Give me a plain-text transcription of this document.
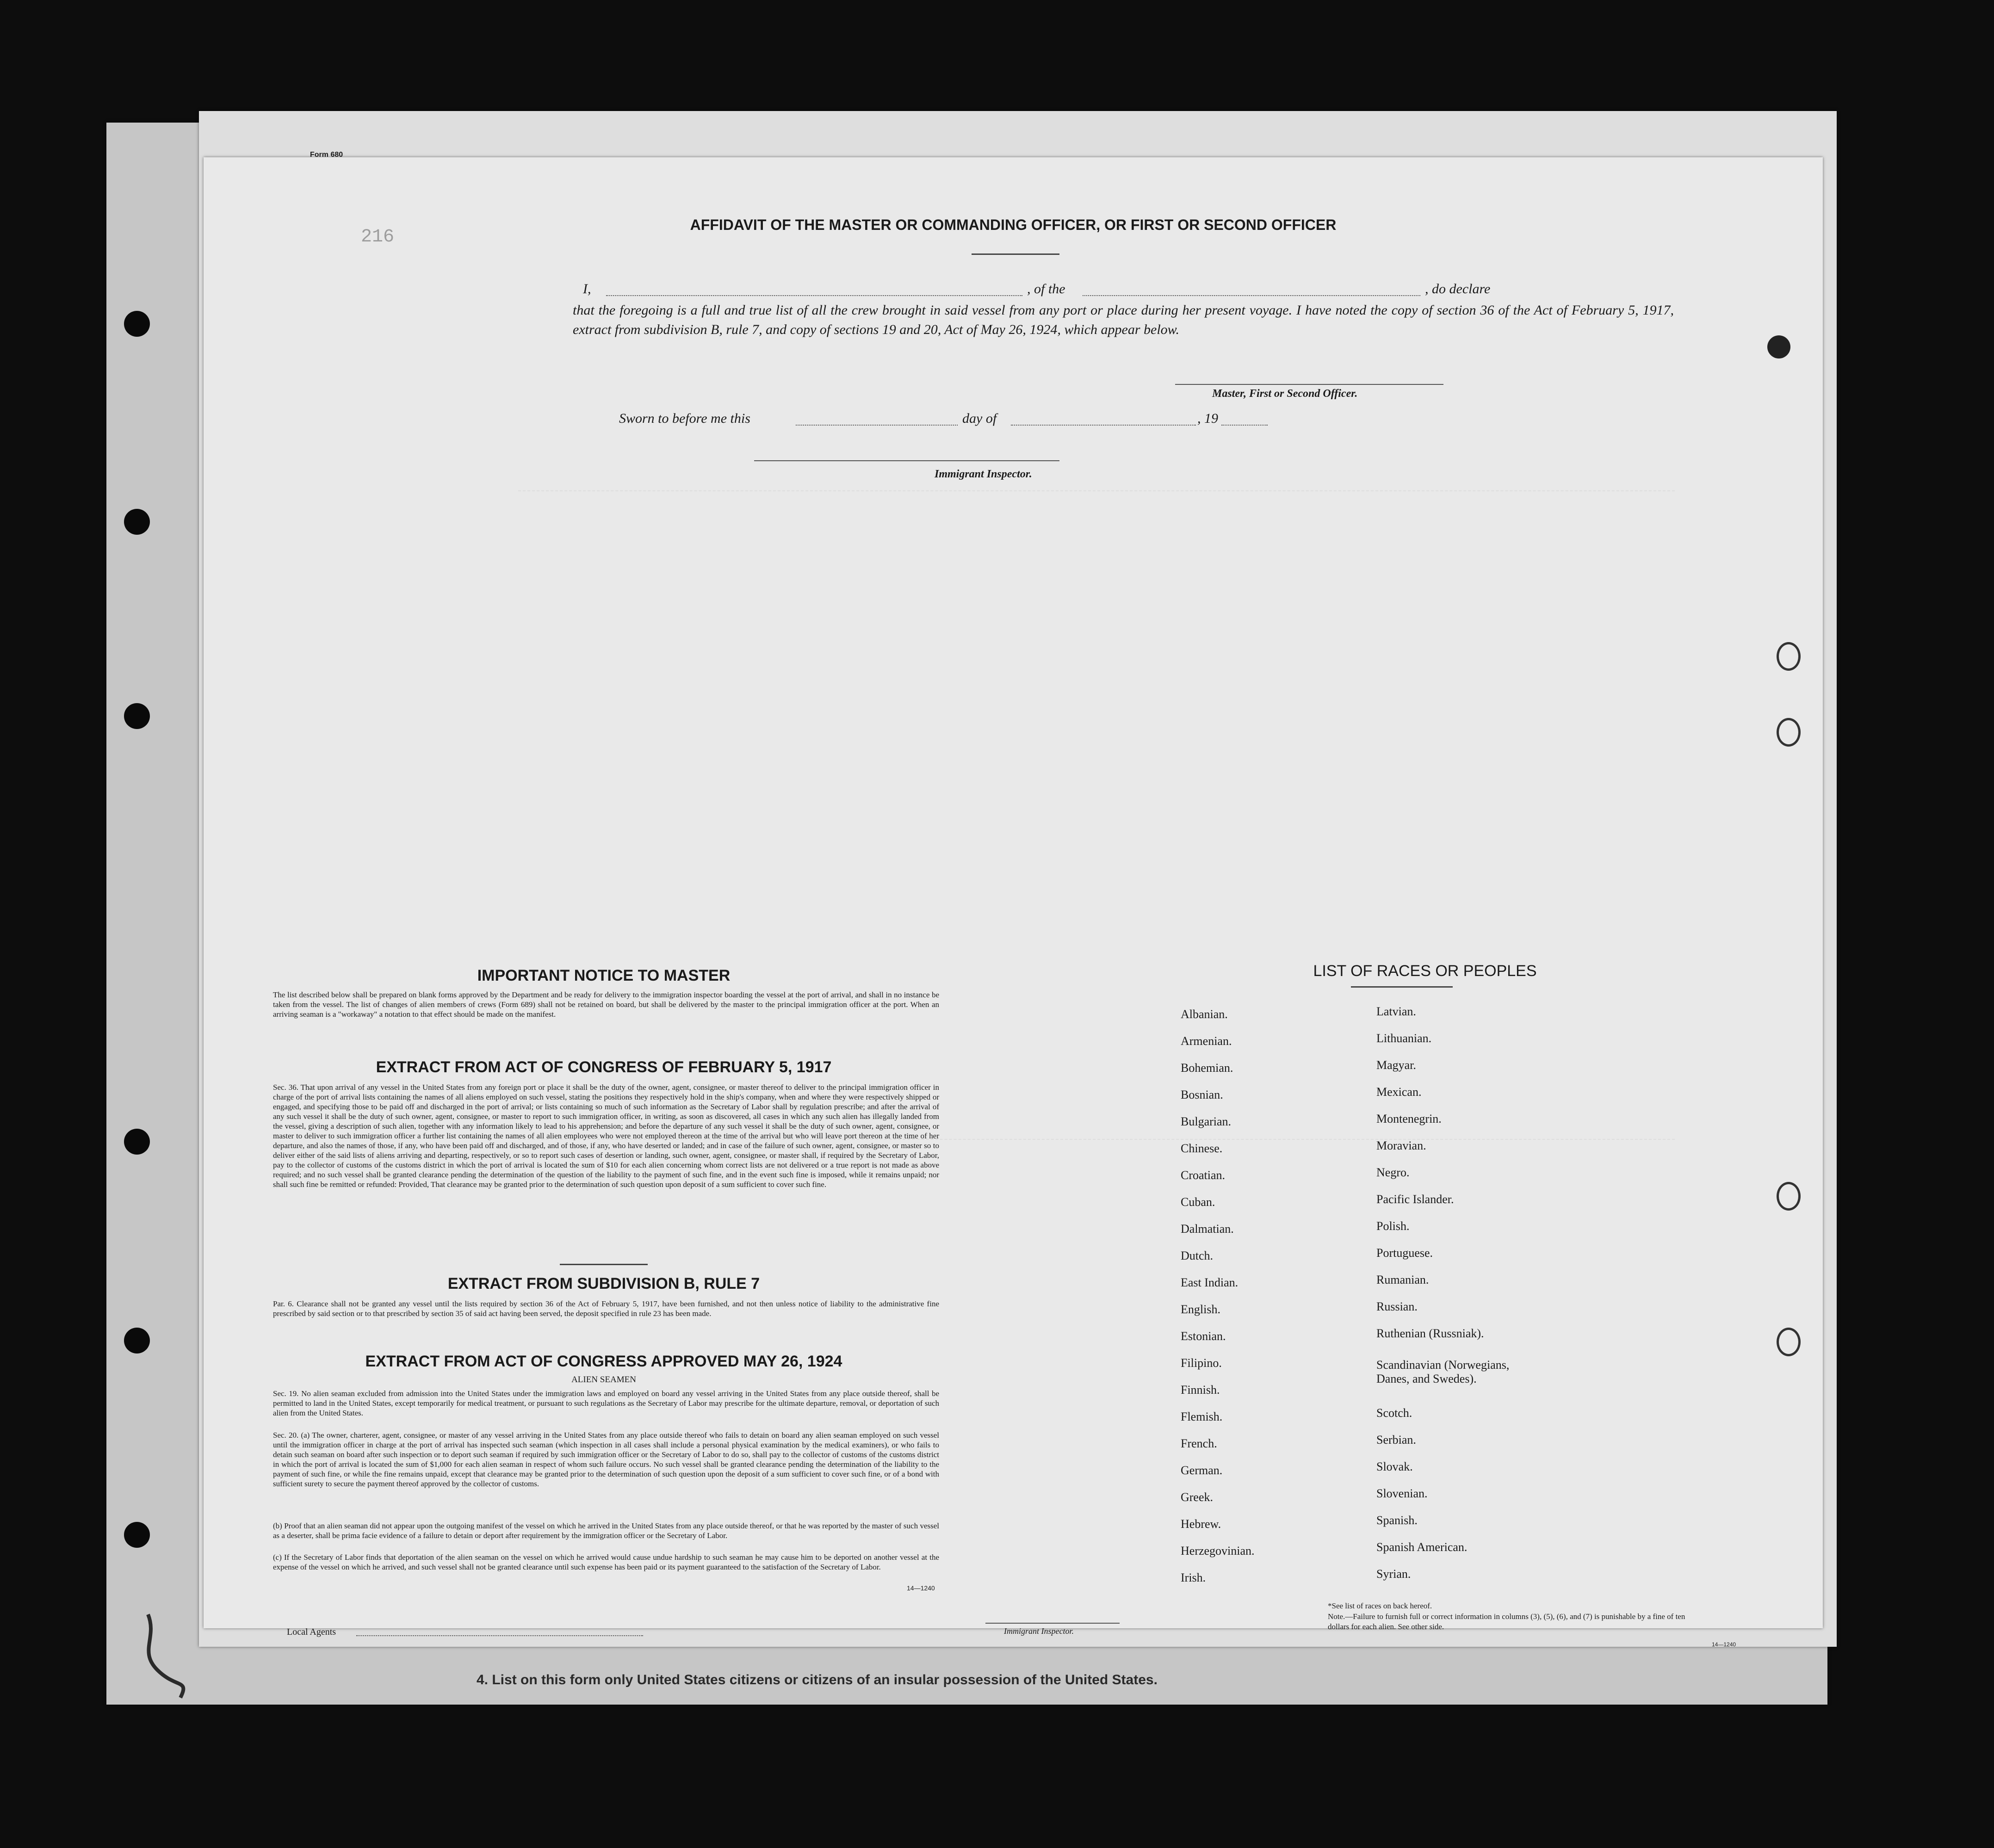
4. List on this form only United States citizens or citizens of an insular possession of the United States.
Form 680
216
AFFIDAVIT OF THE MASTER OR COMMANDING OFFICER, OR FIRST OR SECOND OFFICER
I,	, of the	, do declare
that the foregoing is a full and true list of all the crew brought in said vessel from any port or place during her present voyage. I have noted the copy of section 36 of the Act of February 5, 1917, extract from subdivision B, rule 7, and copy of sections 19 and 20, Act of May 26, 1924, which appear below.
Master, First or Second Officer.
Sworn to before me this	day of	, 19
Immigrant Inspector.
IMPORTANT NOTICE TO MASTER
The list described below shall be prepared on blank forms approved by the Department and be ready for delivery to the immigration inspector boarding the vessel at the port of arrival, and shall in no instance be taken from the vessel. The list of changes of alien members of crews (Form 689) shall not be retained on board, but shall be delivered by the master to the principal immigration officer at the port. When an arriving seaman is a "workaway" a notation to that effect should be made on the manifest.
EXTRACT FROM ACT OF CONGRESS OF FEBRUARY 5, 1917
Sec. 36. That upon arrival of any vessel in the United States from any foreign port or place it shall be the duty of the owner, agent, consignee, or master thereof to deliver to the principal immigration officer in charge of the port of arrival lists containing the names of all aliens employed on such vessel, stating the positions they respectively hold in the ship's company, when and where they were respectively shipped or engaged, and specifying those to be paid off and discharged in the port of arrival; or lists containing so much of such information as the Secretary of Labor shall by regulation prescribe; and after the arrival of any such vessel it shall be the duty of such owner, agent, consignee, or master to report to such immigration officer, in writing, as soon as discovered, all cases in which any such alien has illegally landed from the vessel, giving a description of such alien, together with any information likely to lead to his apprehension; and before the departure of any such vessel it shall be the duty of such owner, agent, consignee, or master to deliver to such immigration officer a further list containing the names of all alien employees who were not employed thereon at the time of the arrival but who will leave port thereon at the time of her departure, and also the names of those, if any, who have been paid off and discharged, and of those, if any, who have deserted or landed; and in case of the failure of such owner, agent, consignee, or master so to deliver either of the said lists of aliens arriving and departing, respectively, or so to report such cases of desertion or landing, such owner, agent, consignee, or master shall, if required by the Secretary of Labor, pay to the collector of customs of the customs district in which the port of arrival is located the sum of $10 for each alien concerning whom correct lists are not delivered or a true report is not made as above required; and no such vessel shall be granted clearance pending the determination of the question of the liability to the payment of such fine, and in the event such fine is imposed, while it remains unpaid; nor shall such fine be remitted or refunded: Provided, That clearance may be granted prior to the determination of such question upon deposit of a sum sufficient to cover such fine.
EXTRACT FROM SUBDIVISION B, RULE 7
Par. 6. Clearance shall not be granted any vessel until the lists required by section 36 of the Act of February 5, 1917, have been furnished, and not then unless notice of liability to the administrative fine prescribed by said section or to that prescribed by section 35 of said act having been served, the deposit specified in rule 23 has been made.
EXTRACT FROM ACT OF CONGRESS APPROVED MAY 26, 1924
ALIEN SEAMEN
Sec. 19. No alien seaman excluded from admission into the United States under the immigration laws and employed on board any vessel arriving in the United States from any place outside thereof, shall be permitted to land in the United States, except temporarily for medical treatment, or pursuant to such regulations as the Secretary of Labor may prescribe for the ultimate departure, removal, or deportation of such alien from the United States.
Sec. 20. (a) The owner, charterer, agent, consignee, or master of any vessel arriving in the United States from any place outside thereof who fails to detain on board any alien seaman employed on such vessel until the immigration officer in charge at the port of arrival has inspected such seaman (which inspection in all cases shall include a personal physical examination by the medical examiners), or who fails to detain such seaman on board after such inspection or to deport such seaman if required by such immigration officer or the Secretary of Labor to do so, shall pay to the collector of customs of the customs district in which the port of arrival is located the sum of $1,000 for each alien seaman in respect of whom such failure occurs. No such vessel shall be granted clearance pending the determination of the liability to the payment of such fine, or while the fine remains unpaid, except that clearance may be granted prior to the determination of such question upon the deposit of a sum sufficient to cover such fine, or of a bond with sufficient surety to secure the payment thereof approved by the collector of customs.
(b) Proof that an alien seaman did not appear upon the outgoing manifest of the vessel on which he arrived in the United States from any place outside thereof, or that he was reported by the master of such vessel as a deserter, shall be prima facie evidence of a failure to detain or deport after requirement by the immigration officer or the Secretary of Labor.
(c) If the Secretary of Labor finds that deportation of the alien seaman on the vessel on which he arrived would cause undue hardship to such seaman he may cause him to be deported on another vessel at the expense of the vessel on which he arrived, and such vessel shall not be granted clearance until such expense has been paid or its payment guaranteed to the satisfaction of the Secretary of Labor.
14—1240
LIST OF RACES OR PEOPLES
Albanian.
Armenian.
Bohemian.
Bosnian.
Bulgarian.
Chinese.
Croatian.
Cuban.
Dalmatian.
Dutch.
East Indian.
English.
Estonian.
Filipino.
Finnish.
Flemish.
French.
German.
Greek.
Hebrew.
Herzegovinian.
Irish.
Latvian.
Lithuanian.
Magyar.
Mexican.
Montenegrin.
Moravian.
Negro.
Pacific Islander.
Polish.
Portuguese.
Rumanian.
Russian.
Ruthenian (Russniak).
Scandinavian (Norwegians, Danes, and Swedes).
Scotch.
Serbian.
Slovak.
Slovenian.
Spanish.
Spanish American.
Syrian.
*See list of races on back hereof.
Note.—Failure to furnish full or correct information in columns (3), (5), (6), and (7) is punishable by a fine of ten dollars for each alien. See other side.
Local Agents	Immigrant Inspector.
14—1240
